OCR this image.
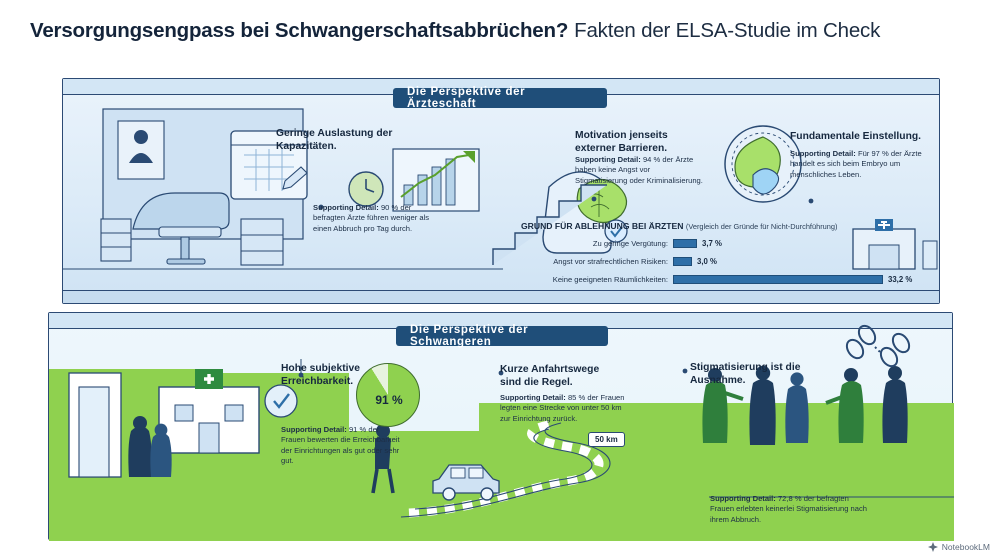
Versorgungsengpass bei Schwangerschaftsabbrüchen? Fakten der ELSA-Studie im Check
Die Perspektive der Ärzteschaft
Geringe Auslastung der Kapazitäten.
Supporting Detail: 90 % der befragten Ärzte führen weniger als einen Abbruch pro Tag durch.
Motivation jenseits externer Barrieren.
Supporting Detail: 94 % der Ärzte haben keine Angst vor Stigmatisierung oder Kriminalisierung.
Fundamentale Einstellung.
Supporting Detail: Für 97 % der Ärzte handelt es sich beim Embryo um menschliches Leben.
GRUND FÜR ABLEHNUNG BEI ÄRZTEN (Vergleich der Gründe für Nicht-Durchführung)
Zu geringe Vergütung:	3,7 %
Angst vor strafrechtlichen Risiken:	3,0 %
Keine geeigneten Räumlichkeiten:	33,2 %
Die Perspektive der Schwangeren
91 %
50 km
Hohe subjektive Erreichbarkeit.
Supporting Detail: 91 % der Frauen bewerten die Erreichbarkeit der Einrichtungen als gut oder sehr gut.
Kurze Anfahrtswege sind die Regel.
Supporting Detail: 85 % der Frauen legten eine Strecke von unter 50 km zur Einrichtung zurück.
Stigmatisierung ist die Ausnahme.
Supporting Detail: 72,8 % der befragten Frauen erlebten keinerlei Stigmatisierung nach ihrem Abbruch.
NotebookLM
